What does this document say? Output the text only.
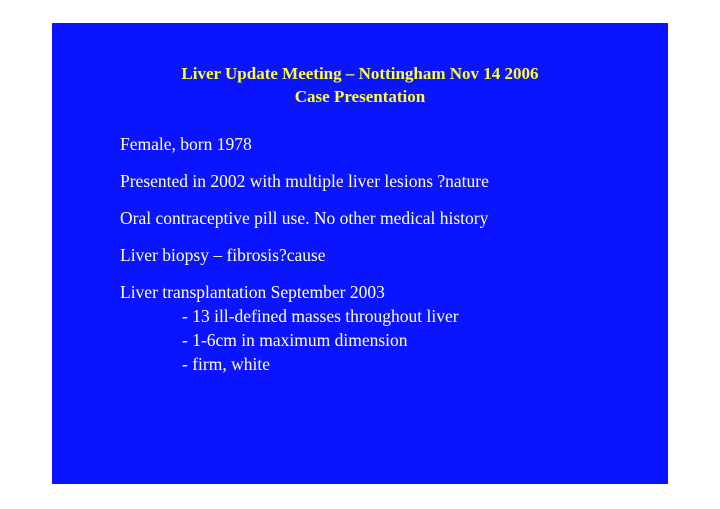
Liver Update Meeting – Nottingham Nov 14 2006
Case Presentation
Female, born 1978
Presented in 2002 with multiple liver lesions ?nature
Oral contraceptive pill use. No other medical history
Liver biopsy – fibrosis?cause
Liver transplantation September 2003
- 13 ill-defined masses throughout liver
- 1-6cm in maximum dimension
- firm, white
